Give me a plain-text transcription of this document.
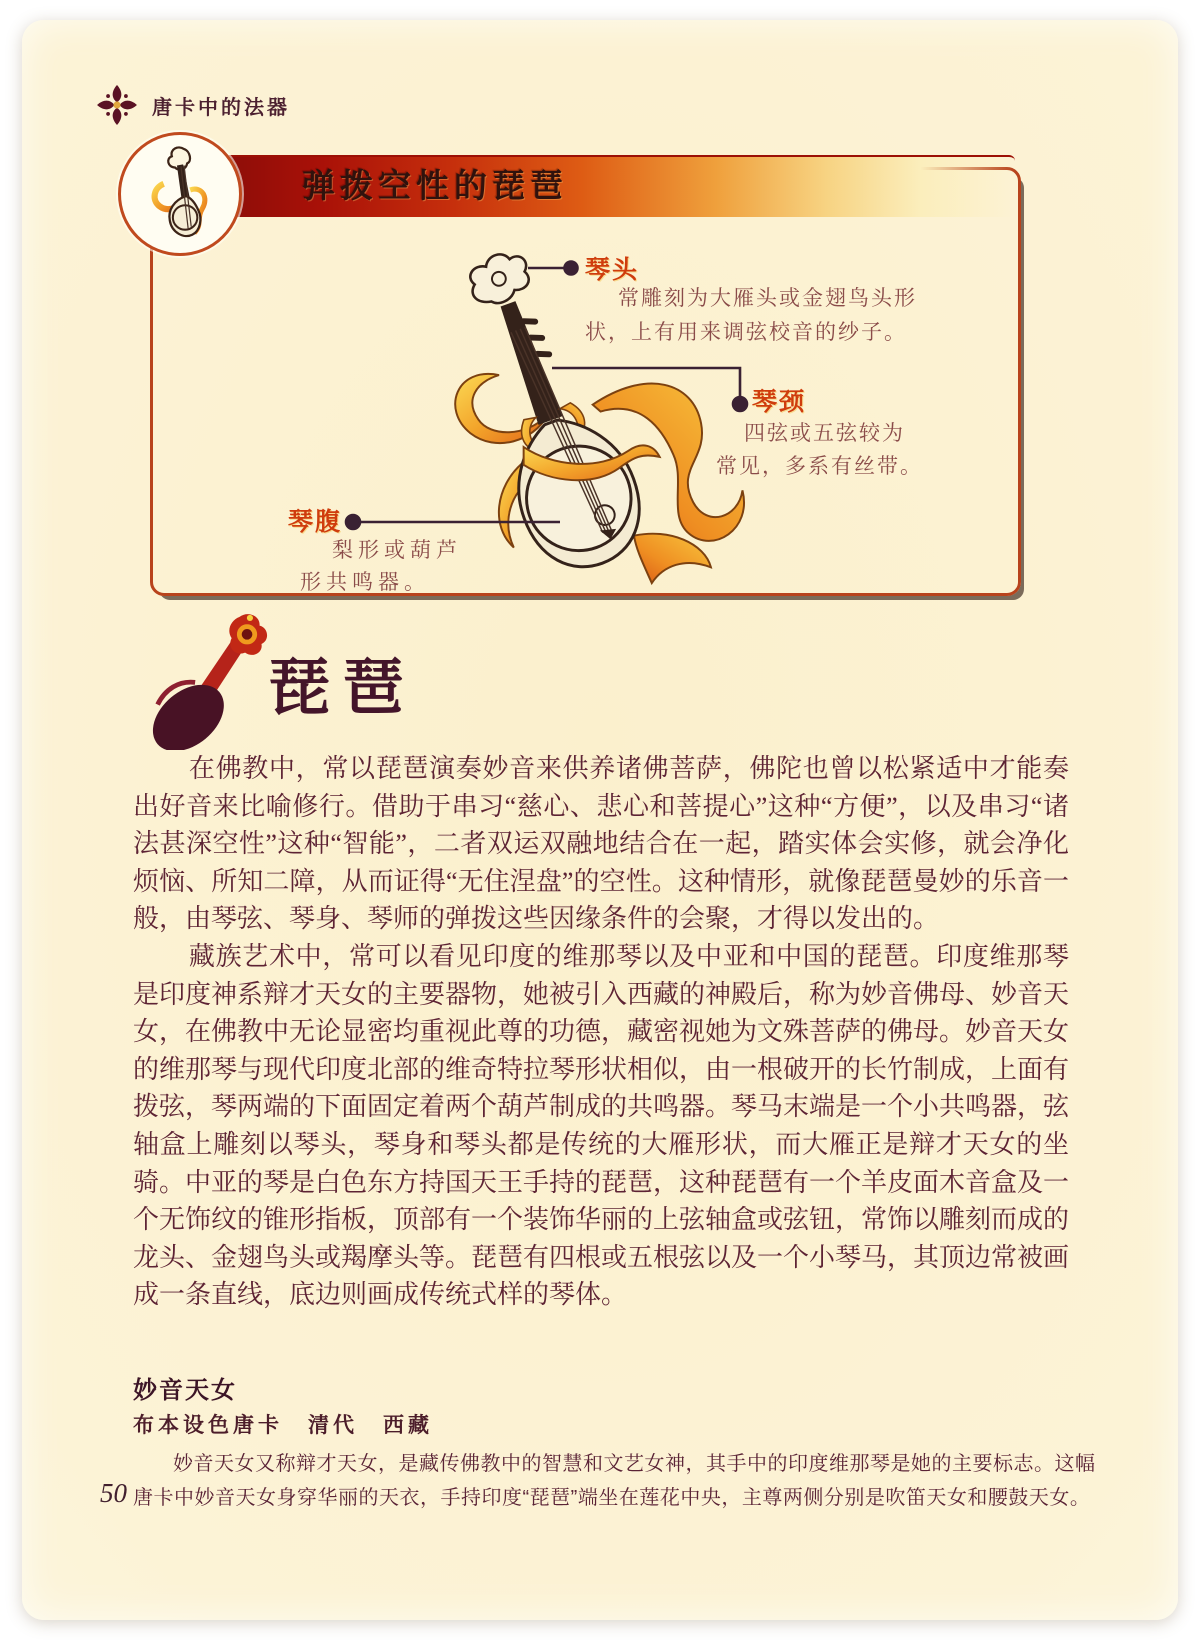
唐卡中的法器
弹拨空性的琵琶
琴头
常雕刻为大雁头或金翅鸟头形
状，上有用来调弦校音的纱子。
琴颈
四弦或五弦较为
常见，多系有丝带。
琴腹
梨形或葫芦
形共鸣器。
琵琶

在佛教中，常以琵琶演奏妙音来供养诸佛菩萨，佛陀也曾以松紧适中才能奏出好音来比喻修行。借助于串习“慈心、悲心和菩提心”这种“方便”，以及串习“诸法甚深空性”这种“智能”，二者双运双融地结合在一起，踏实体会实修，就会净化烦恼、所知二障，从而证得“无住涅盘”的空性。这种情形，就像琵琶曼妙的乐音一般，由琴弦、琴身、琴师的弹拨这些因缘条件的会聚，才得以发出的。

藏族艺术中，常可以看见印度的维那琴以及中亚和中国的琵琶。印度维那琴是印度神系辩才天女的主要器物，她被引入西藏的神殿后，称为妙音佛母、妙音天女，在佛教中无论显密均重视此尊的功德，藏密视她为文殊菩萨的佛母。妙音天女的维那琴与现代印度北部的维奇特拉琴形状相似，由一根破开的长竹制成，上面有拨弦，琴两端的下面固定着两个葫芦制成的共鸣器。琴马末端是一个小共鸣器，弦轴盒上雕刻以琴头，琴身和琴头都是传统的大雁形状，而大雁正是辩才天女的坐骑。中亚的琴是白色东方持国天王手持的琵琶，这种琵琶有一个羊皮面木音盒及一个无饰纹的锥形指板，顶部有一个装饰华丽的上弦轴盒或弦钮，常饰以雕刻而成的龙头、金翅鸟头或羯摩头等。琵琶有四根或五根弦以及一个小琴马，其顶边常被画成一条直线，底边则画成传统式样的琴体。

妙音天女
布本设色唐卡　清代　西藏
妙音天女又称辩才天女，是藏传佛教中的智慧和文艺女神，其手中的印度维那琴是她的主要标志。这幅唐卡中妙音天女身穿华丽的天衣，手持印度“琵琶”端坐在莲花中央，主尊两侧分别是吹笛天女和腰鼓天女。
50
